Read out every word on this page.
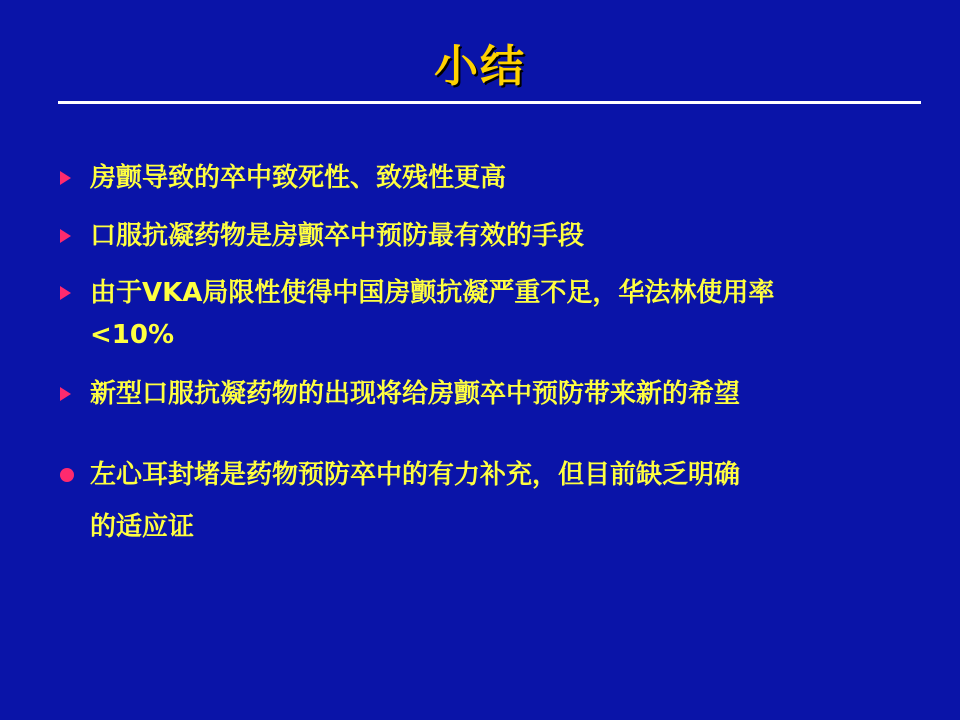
小结
房颤导致的卒中致死性、致残性更高
口服抗凝药物是房颤卒中预防最有效的手段
由于VKA局限性使得中国房颤抗凝严重不足，华法林使用率
<10%
新型口服抗凝药物的出现将给房颤卒中预防带来新的希望
左心耳封堵是药物预防卒中的有力补充，但目前缺乏明确
的适应证
